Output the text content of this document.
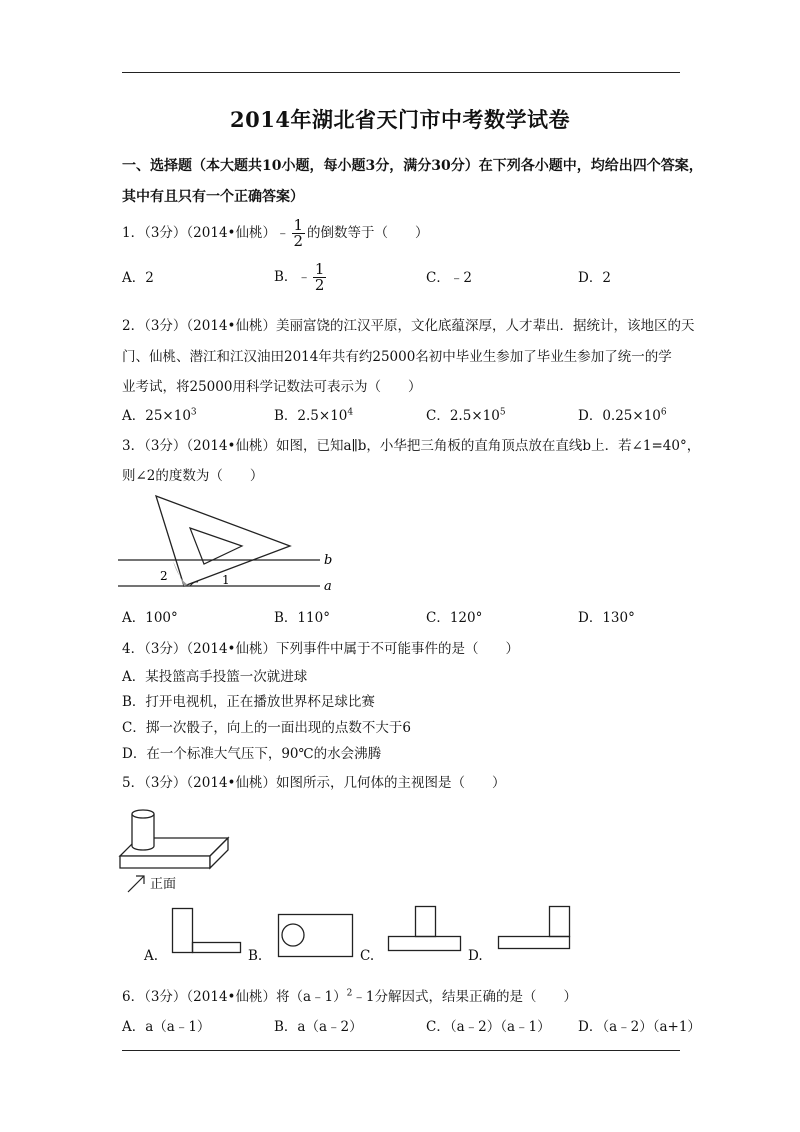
2014年湖北省天门市中考数学试卷
一、选择题（本大题共10小题，每小题3分，满分30分）在下列各小题中，均给出四个答案，
其中有且只有一个正确答案）
1．（3分）（2014•仙桃）﹣ $\frac{1}{2}$ 的倒数等于（　　）
A．2	B．﹣ $\frac{1}{2}$	C．﹣2	D．2
2．（3分）（2014•仙桃）美丽富饶的江汉平原，文化底蕴深厚，人才辈出．据统计，该地区的天
门、仙桃、潜江和江汉油田2014年共有约25000名初中毕业生参加了毕业生参加了统一的学
业考试，将25000用科学记数法可表示为（　　）
A．$25\times 10^3$	B．$2.5\times 10^4$	C．$2.5\times 10^5$	D．$0.25\times 10^6$
3．（3分）（2014•仙桃）如图，已知a∥b，小华把三角板的直角顶点放在直线b上．若∠1=40°，
则∠2的度数为（　　）
b
a
2	1
A．100°	B．110°	C．120°	D．130°
4．（3分）（2014•仙桃）下列事件中属于不可能事件的是（　　）
A．某投篮高手投篮一次就进球
B．打开电视机，正在播放世界杯足球比赛
C．掷一次骰子，向上的一面出现的点数不大于6
D．在一个标准大气压下，90℃的水会沸腾
5．（3分）（2014•仙桃）如图所示，几何体的主视图是（　　）
正面
A.	B.	C.	D.
6．（3分）（2014•仙桃）将（a﹣1）$^2$﹣1分解因式，结果正确的是（　　）
A．a（a﹣1）	B．a（a﹣2）	C．（a﹣2）（a﹣1） D．（a﹣2）（a+1）
